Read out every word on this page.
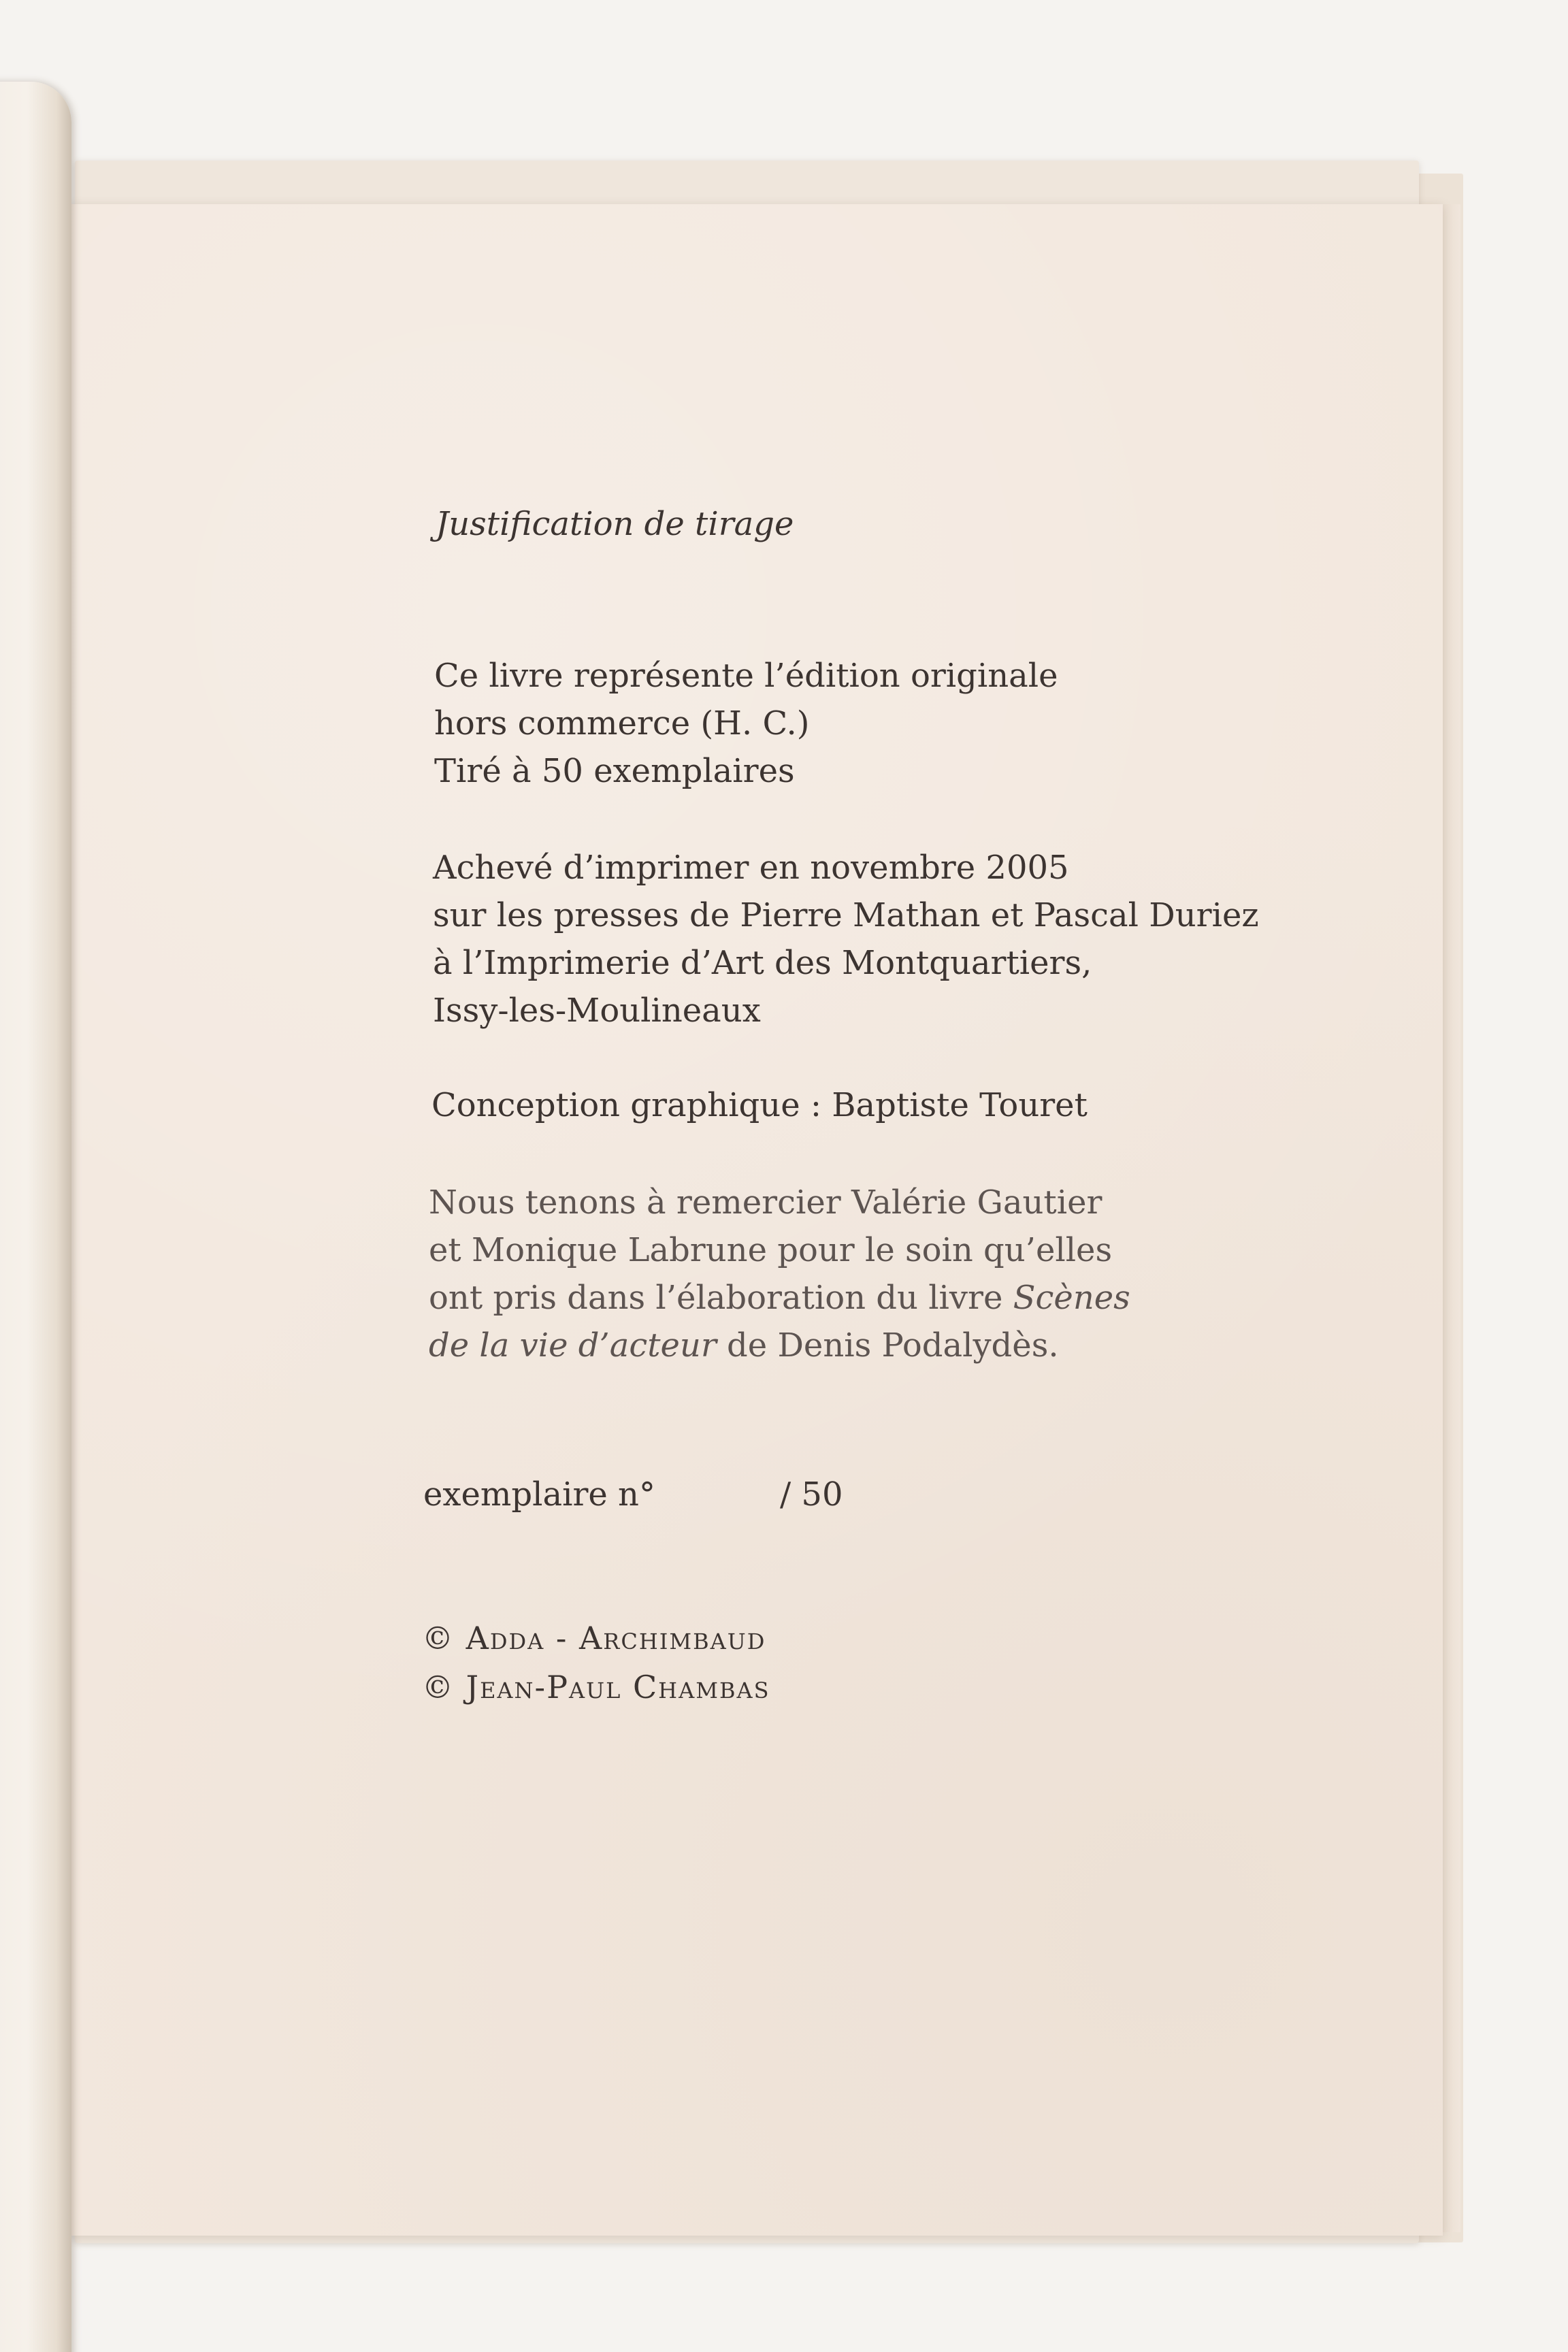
Justification de tirage
Ce livre représente l’édition originale
hors commerce (H. C.)
Tiré à 50 exemplaires
Achevé d’imprimer en novembre 2005
sur les presses de Pierre Mathan et Pascal Duriez
à l’Imprimerie d’Art des Montquartiers,
Issy-les-Moulineaux
Conception graphique : Baptiste Touret
Nous tenons à remercier Valérie Gautier
et Monique Labrune pour le soin qu’elles
ont pris dans l’élaboration du livre Scènes
de la vie d’acteur de Denis Podalydès.
exemplaire n°	/ 50
© Adda - Archimbaud
© Jean-Paul Chambas
